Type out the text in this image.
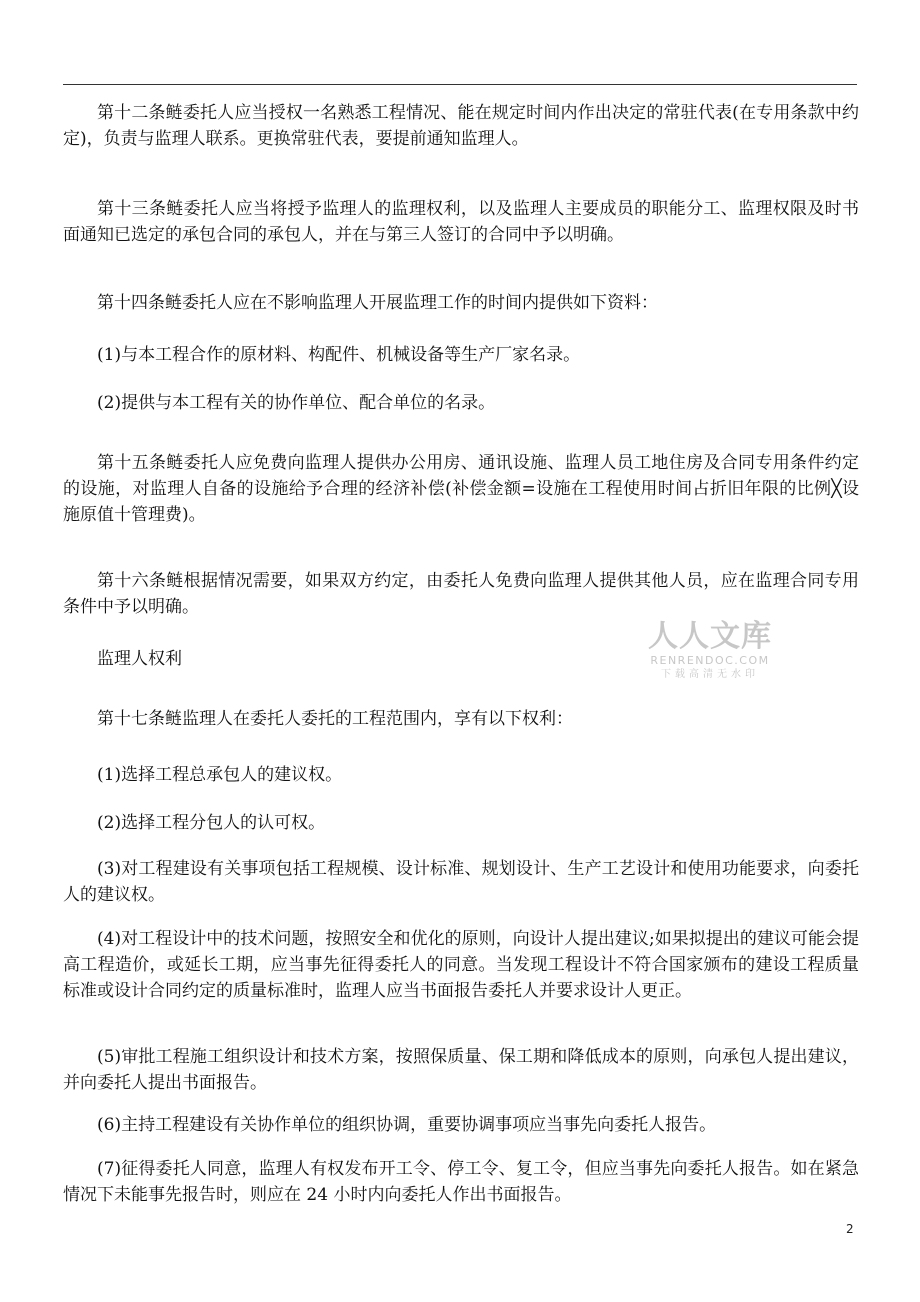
第十二条鲢委托人应当授权一名熟悉工程情况、能在规定时间内作出决定的常驻代表(在专用条款中约定)，负责与监理人联系。更换常驻代表，要提前通知监理人。

第十三条鲢委托人应当将授予监理人的监理权利，以及监理人主要成员的职能分工、监理权限及时书面通知已选定的承包合同的承包人，并在与第三人签订的合同中予以明确。

第十四条鲢委托人应在不影响监理人开展监理工作的时间内提供如下资料：

(1)与本工程合作的原材料、构配件、机械设备等生产厂家名录。

(2)提供与本工程有关的协作单位、配合单位的名录。

第十五条鲢委托人应免费向监理人提供办公用房、通讯设施、监理人员工地住房及合同专用条件约定的设施，对监理人自备的设施给予合理的经济补偿(补偿金额=设施在工程使用时间占折旧年限的比例╳设施原值十管理费)。

第十六条鲢根据情况需要，如果双方约定，由委托人免费向监理人提供其他人员，应在监理合同专用条件中予以明确。

监理人权利

第十七条鲢监理人在委托人委托的工程范围内，享有以下权利：

(1)选择工程总承包人的建议权。

(2)选择工程分包人的认可权。

(3)对工程建设有关事项包括工程规模、设计标准、规划设计、生产工艺设计和使用功能要求，向委托人的建议权。

(4)对工程设计中的技术问题，按照安全和优化的原则，向设计人提出建议;如果拟提出的建议可能会提高工程造价，或延长工期，应当事先征得委托人的同意。当发现工程设计不符合国家颁布的建设工程质量标准或设计合同约定的质量标准时，监理人应当书面报告委托人并要求设计人更正。

(5)审批工程施工组织设计和技术方案，按照保质量、保工期和降低成本的原则，向承包人提出建议，并向委托人提出书面报告。

(6)主持工程建设有关协作单位的组织协调，重要协调事项应当事先向委托人报告。

(7)征得委托人同意，监理人有权发布开工令、停工令、复工令，但应当事先向委托人报告。如在紧急情况下未能事先报告时，则应在 24 小时内向委托人作出书面报告。

人人文库
RENRENDOC.COM
下载高清无水印
2
